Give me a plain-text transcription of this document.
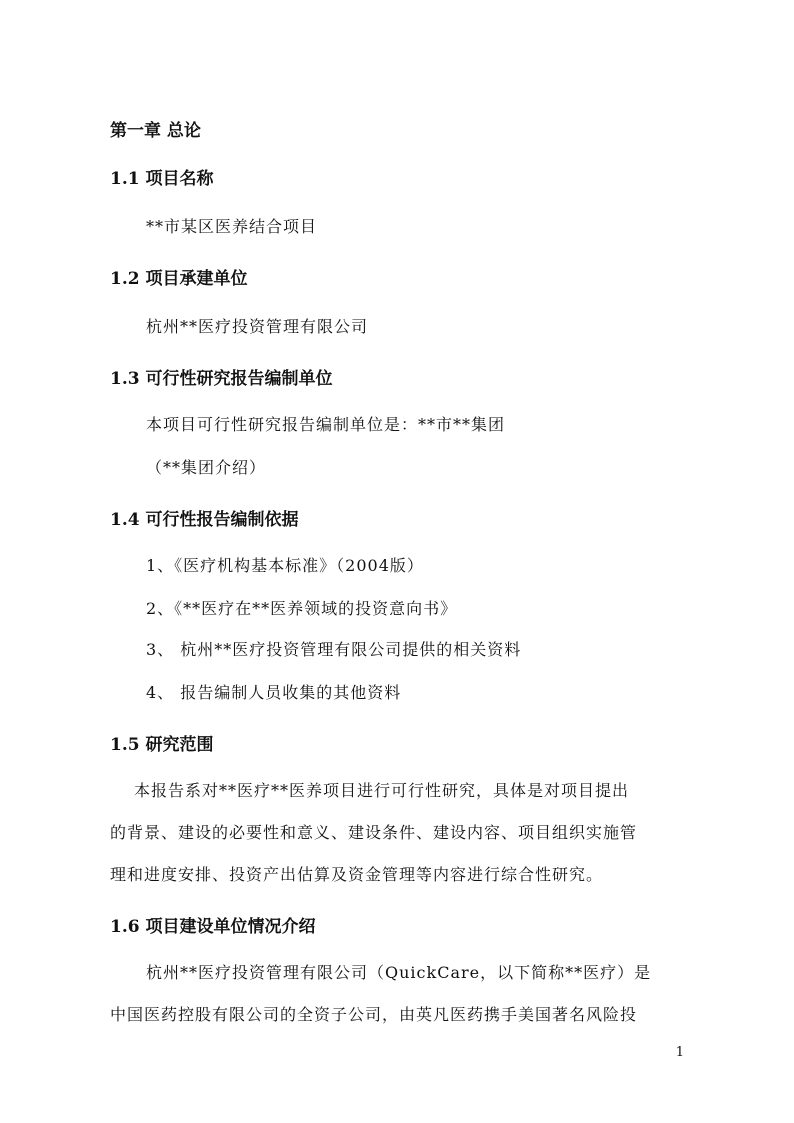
第一章 总论
1.1 项目名称
**市某区医养结合项目
1.2 项目承建单位
杭州**医疗投资管理有限公司
1.3 可行性研究报告编制单位
本项目可行性研究报告编制单位是：**市**集团
（**集团介绍）
1.4 可行性报告编制依据
1、《医疗机构基本标准》（2004版）
2、《**医疗在**医养领域的投资意向书》
3、 杭州**医疗投资管理有限公司提供的相关资料
4、 报告编制人员收集的其他资料
1.5 研究范围
本报告系对**医疗**医养项目进行可行性研究，具体是对项目提出
的背景、建设的必要性和意义、建设条件、建设内容、项目组织实施管
理和进度安排、投资产出估算及资金管理等内容进行综合性研究。
1.6 项目建设单位情况介绍
杭州**医疗投资管理有限公司（QuickCare，以下简称**医疗）是
中国医药控股有限公司的全资子公司，由英凡医药携手美国著名风险投
1
